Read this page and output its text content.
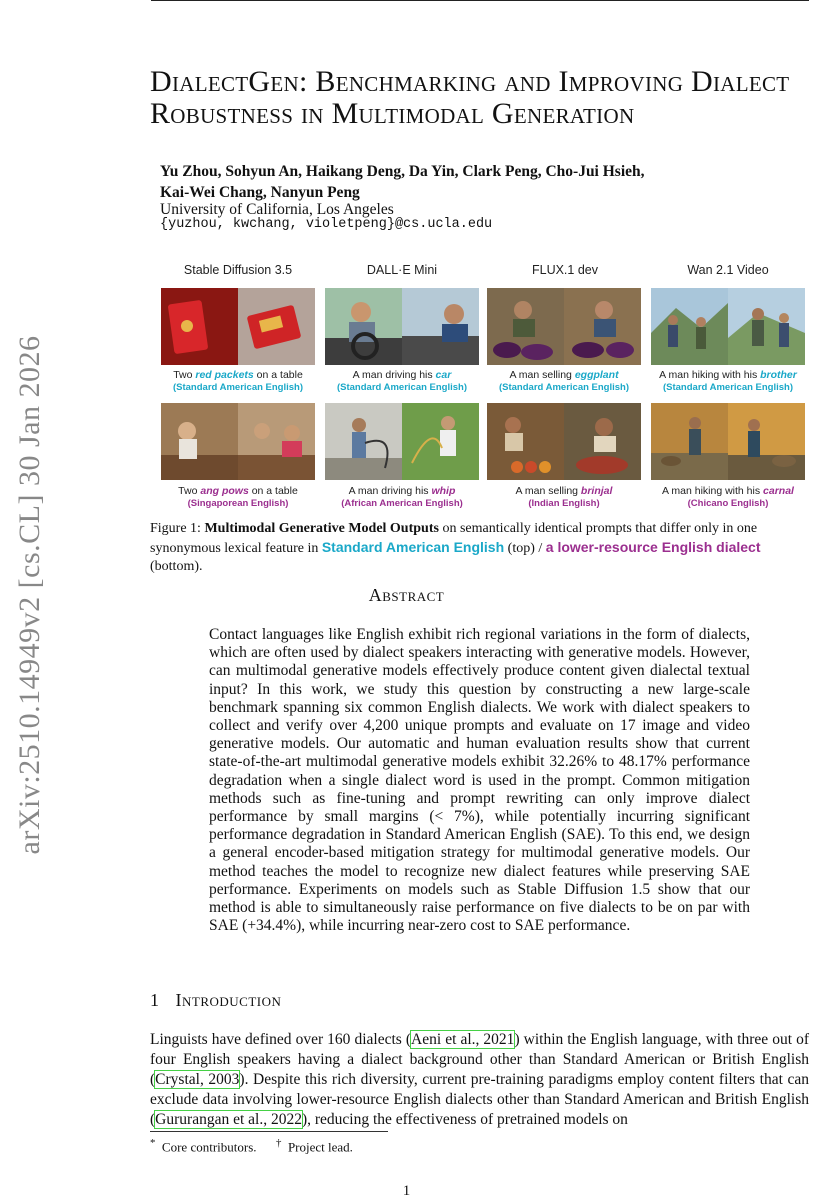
arXiv:2510.14949v2 [cs.CL] 30 Jan 2026
DialectGen: Benchmarking and Improving Dialect Robustness in Multimodal Generation
Yu Zhou, Sohyun An, Haikang Deng, Da Yin, Clark Peng, Cho-Jui Hsieh,
Kai-Wei Chang, Nanyun Peng
University of California, Los Angeles
{yuzhou, kwchang, violetpeng}@cs.ucla.edu
Stable Diffusion 3.5
Two red packets on a table
(Standard American English)
Two ang pows on a table
(Singaporean English)
DALL·E Mini
A man driving his car
(Standard American English)
A man driving his whip
(African American English)
FLUX.1 dev
A man selling eggplant
(Standard American English)
A man selling brinjal
(Indian English)
Wan 2.1 Video
A man hiking with his brother
(Standard American English)
A man hiking with his carnal
(Chicano English)
Figure 1: Multimodal Generative Model Outputs on semantically identical prompts that differ only in one synonymous lexical feature in Standard American English (top) / a lower-resource English dialect (bottom).
Abstract
Contact languages like English exhibit rich regional variations in the form of dialects, which are often used by dialect speakers interacting with generative models. However, can multimodal generative models effectively produce content given dialectal textual input? In this work, we study this question by constructing a new large-scale benchmark spanning six common English dialects. We work with dialect speakers to collect and verify over 4,200 unique prompts and evaluate on 17 image and video generative models. Our automatic and human evaluation results show that current state-of-the-art multimodal generative models exhibit 32.26% to 48.17% performance degradation when a single dialect word is used in the prompt. Common mitigation methods such as fine-tuning and prompt rewriting can only improve dialect performance by small margins (< 7%), while potentially incurring significant performance degradation in Standard American English (SAE). To this end, we design a general encoder-based mitigation strategy for multimodal generative models. Our method teaches the model to recognize new dialect features while preserving SAE performance. Experiments on models such as Stable Diffusion 1.5 show that our method is able to simultaneously raise performance on five dialects to be on par with SAE (+34.4%), while incurring near-zero cost to SAE performance.
1 Introduction
Linguists have defined over 160 dialects (Aeni et al., 2021) within the English language, with three out of four English speakers having a dialect background other than Standard American or British English (Crystal, 2003). Despite this rich diversity, current pre-training paradigms employ content filters that can exclude data involving lower-resource English dialects other than Standard American and British English (Gururangan et al., 2022), reducing the effectiveness of pretrained models on
* Core contributors. † Project lead.
1
